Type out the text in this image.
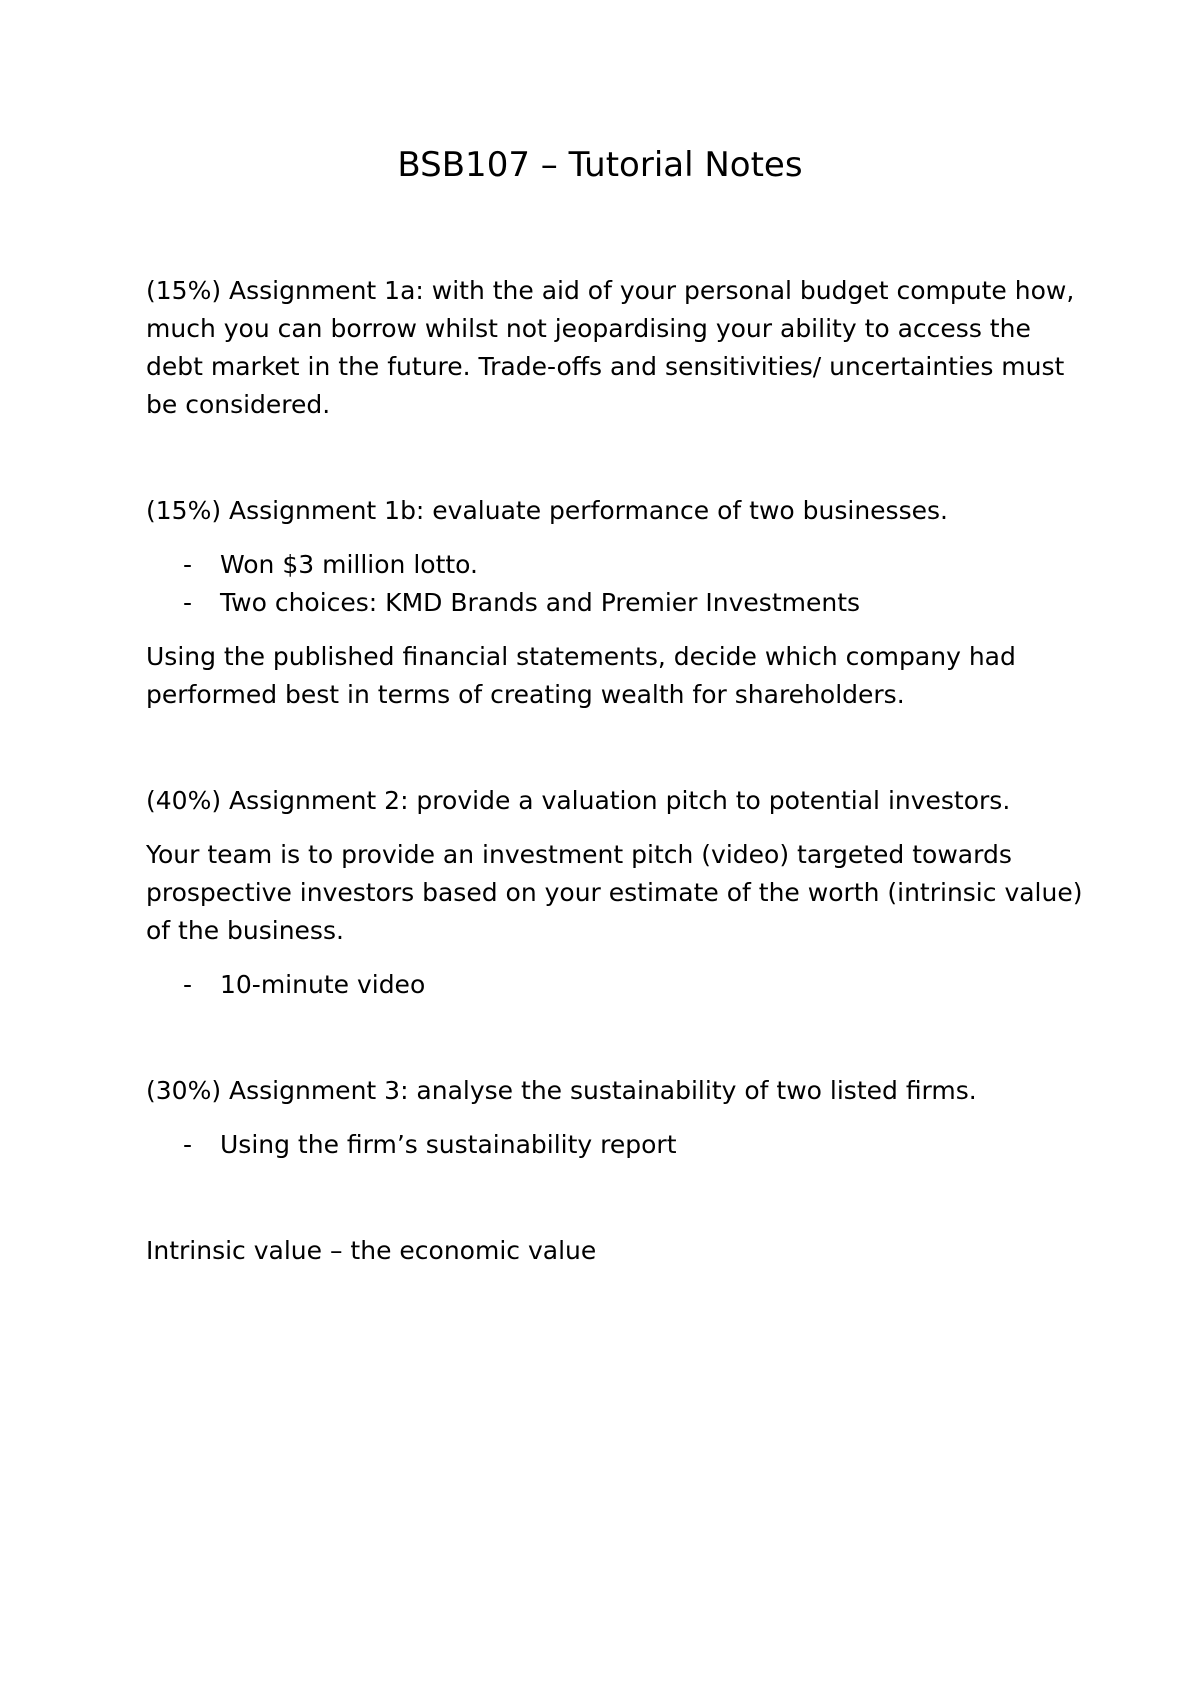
BSB107 – Tutorial Notes

(15%) Assignment 1a: with the aid of your personal budget compute how, much you can borrow whilst not jeopardising your ability to access the debt market in the future. Trade-offs and sensitivities/ uncertainties must be considered.

(15%) Assignment 1b: evaluate performance of two businesses.

- Won $3 million lotto.
- Two choices: KMD Brands and Premier Investments

Using the published financial statements, decide which company had performed best in terms of creating wealth for shareholders.

(40%) Assignment 2: provide a valuation pitch to potential investors.

Your team is to provide an investment pitch (video) targeted towards prospective investors based on your estimate of the worth (intrinsic value) of the business.

- 10-minute video

(30%) Assignment 3: analyse the sustainability of two listed firms.

- Using the firm’s sustainability report

Intrinsic value – the economic value
